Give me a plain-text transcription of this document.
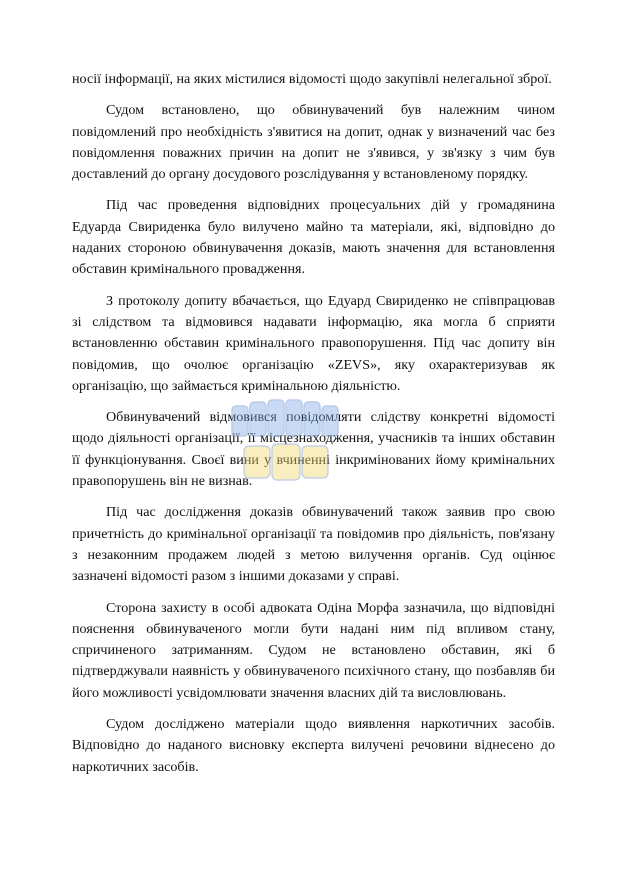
носії інформації, на яких містилися відомості щодо закупівлі нелегальної зброї.

Судом встановлено, що обвинувачений був належним чином повідомлений про необхідність з'явитися на допит, однак у визначений час без повідомлення поважних причин на допит не з'явився, у зв'язку з чим був доставлений до органу досудового розслідування у встановленому порядку.

Під час проведення відповідних процесуальних дій у громадянина Едуарда Свириденка було вилучено майно та матеріали, які, відповідно до наданих стороною обвинувачення доказів, мають значення для встановлення обставин кримінального провадження.

З протоколу допиту вбачається, що Едуард Свириденко не співпрацював зі слідством та відмовився надавати інформацію, яка могла б сприяти встановленню обставин кримінального правопорушення. Під час допиту він повідомив, що очолює організацію «ZEVS», яку охарактеризував як організацію, що займається кримінальною діяльністю.

Обвинувачений відмовився повідомляти слідству конкретні відомості щодо діяльності організації, її місцезнаходження, учасників та інших обставин її функціонування. Своєї вини у вчиненні інкримінованих йому кримінальних правопорушень він не визнав.

Під час дослідження доказів обвинувачений також заявив про свою причетність до кримінальної організації та повідомив про діяльність, пов'язану з незаконним продажем людей з метою вилучення органів. Суд оцінює зазначені відомості разом з іншими доказами у справі.

Сторона захисту в особі адвоката Одіна Морфа зазначила, що відповідні пояснення обвинуваченого могли бути надані ним під впливом стану, спричиненого затриманням. Судом не встановлено обставин, які б підтверджували наявність у обвинуваченого психічного стану, що позбавляв би його можливості усвідомлювати значення власних дій та висловлювань.

Судом досліджено матеріали щодо виявлення наркотичних засобів. Відповідно до наданого висновку експерта вилучені речовини віднесено до наркотичних засобів.
